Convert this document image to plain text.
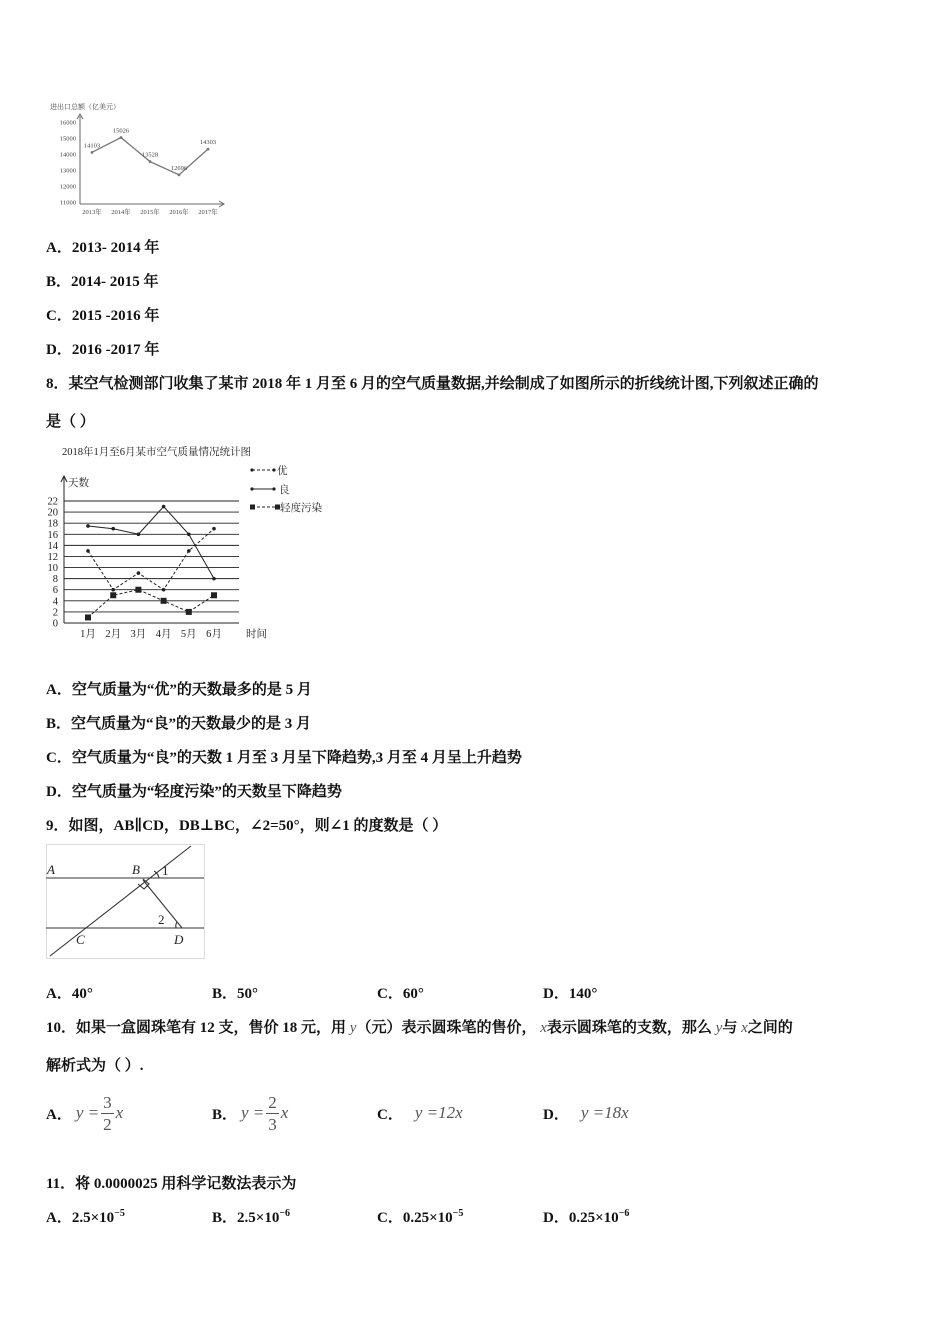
进出口总额（亿美元）
16000
15000
14000
13000
12000
11000
2013年 2014年 2015年 2016年 2017年
14103
15026
13528
12696
14303
A．2013- 2014 年
B．2014- 2015 年
C．2015 -2016 年
D．2016 -2017 年
8．某空气检测部门收集了某市 2018 年 1 月至 6 月的空气质量数据,并绘制成了如图所示的折线统计图,下列叙述正确的
是（ ）
2018年1月至6月某市空气质量情况统计图
天数
时间
0
2
4
6
8
10
12
14
16
18
20
22
1月 2月 3月 4月 5月 6月
优
良
轻度污染
A．空气质量为“优”的天数最多的是 5 月
B．空气质量为“良”的天数最少的是 3 月
C．空气质量为“良”的天数 1 月至 3 月呈下降趋势,3 月至 4 月呈上升趋势
D．空气质量为“轻度污染”的天数呈下降趋势
9．如图，AB∥CD，DB⊥BC，∠2=50°，则∠1 的度数是（ ）
A	B 1
2
C	D
A．40°	B．50°	C．60°	D．140°
10．如果一盒圆珠笔有 12 支，售价 18 元，用 y（元）表示圆珠笔的售价， x表示圆珠笔的支数，那么 y与 x之间的
解析式为（ ）.
A． $y = \frac{3}{2}$ x	B． $y = \frac{2}{3}$ x	C． y =12x	D． y =18x
11．将 0.0000025 用科学记数法表示为
A．$2.5\times 10^{-5}$	B．$2.5\times 10^{-6}$	C．$0.25\times 10^{-5}$	D．$0.25\times 10^{-6}$
